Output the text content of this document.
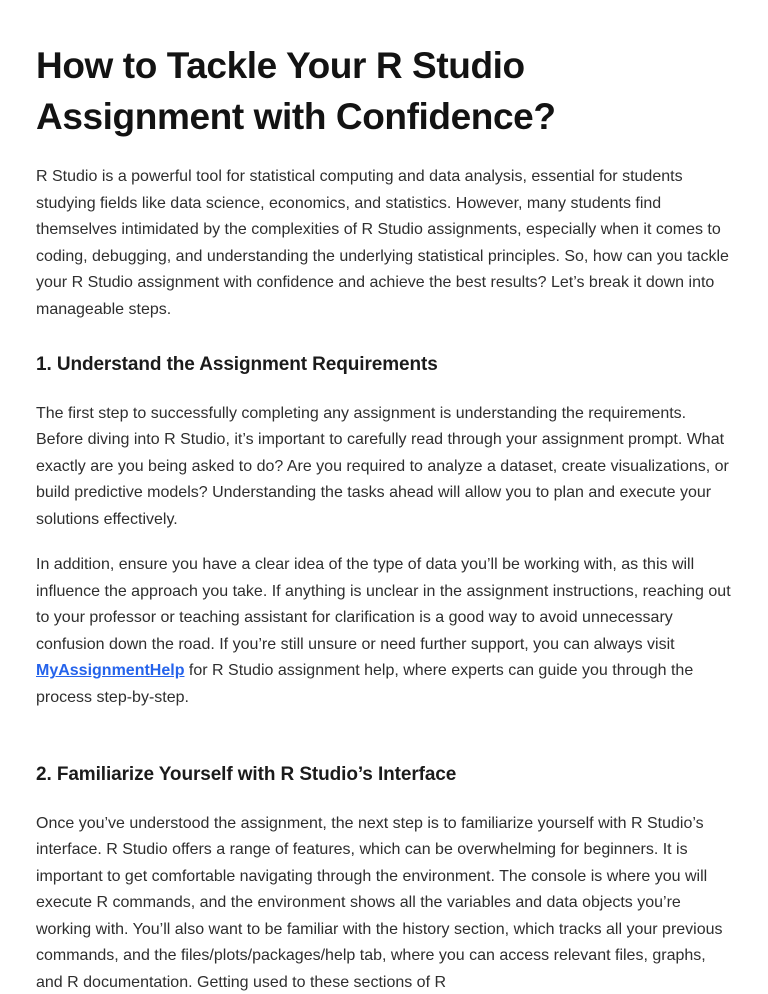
How to Tackle Your R Studio Assignment with Confidence?

R Studio is a powerful tool for statistical computing and data analysis, essential for students studying fields like data science, economics, and statistics. However, many students find themselves intimidated by the complexities of R Studio assignments, especially when it comes to coding, debugging, and understanding the underlying statistical principles. So, how can you tackle your R Studio assignment with confidence and achieve the best results? Let’s break it down into manageable steps.

1. Understand the Assignment Requirements

The first step to successfully completing any assignment is understanding the requirements. Before diving into R Studio, it’s important to carefully read through your assignment prompt. What exactly are you being asked to do? Are you required to analyze a dataset, create visualizations, or build predictive models? Understanding the tasks ahead will allow you to plan and execute your solutions effectively.

In addition, ensure you have a clear idea of the type of data you’ll be working with, as this will influence the approach you take. If anything is unclear in the assignment instructions, reaching out to your professor or teaching assistant for clarification is a good way to avoid unnecessary confusion down the road. If you’re still unsure or need further support, you can always visit MyAssignmentHelp for R Studio assignment help, where experts can guide you through the process step-by-step.

2. Familiarize Yourself with R Studio’s Interface

Once you’ve understood the assignment, the next step is to familiarize yourself with R Studio’s interface. R Studio offers a range of features, which can be overwhelming for beginners. It is important to get comfortable navigating through the environment. The console is where you will execute R commands, and the environment shows all the variables and data objects you’re working with. You’ll also want to be familiar with the history section, which tracks all your previous commands, and the files/plots/packages/help tab, where you can access relevant files, graphs, and R documentation. Getting used to these sections of R
